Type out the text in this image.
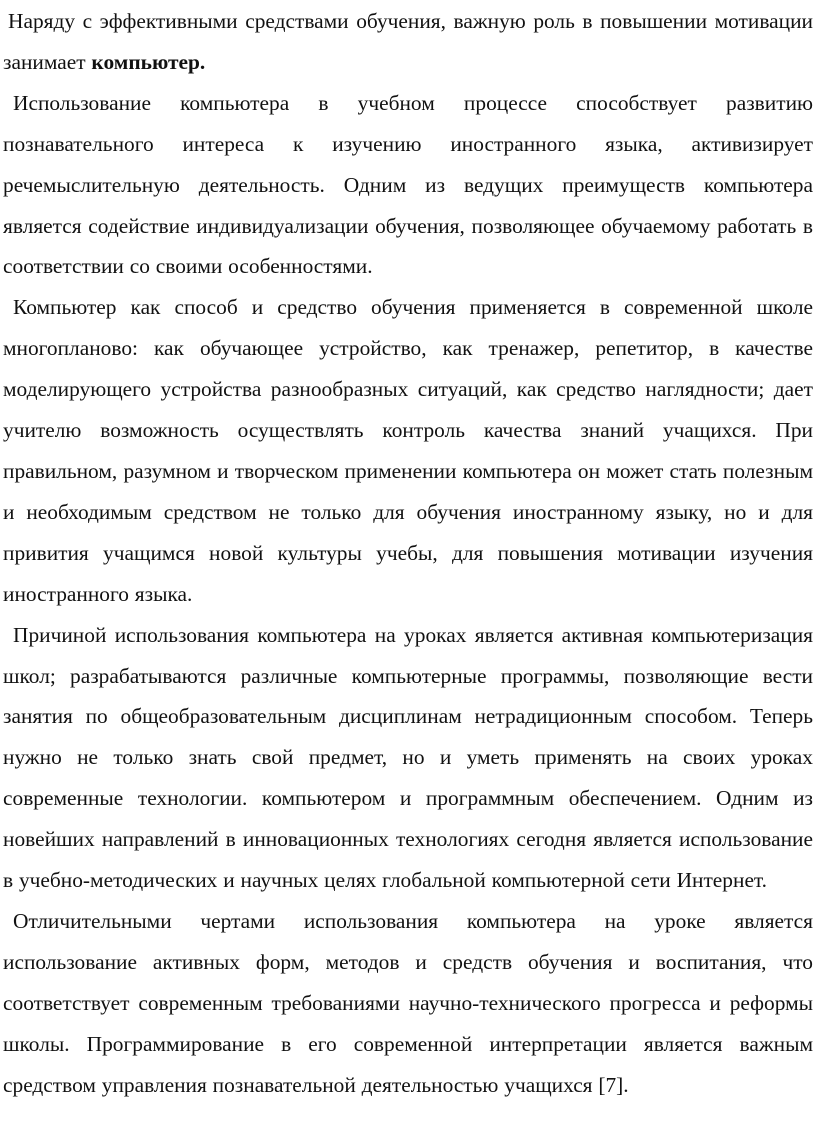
Наряду с эффективными средствами обучения, важную роль в повышении мотивации занимает компьютер.

Использование компьютера в учебном процессе способствует развитию познавательного интереса к изучению иностранного языка, активизирует речемыслительную деятельность. Одним из ведущих преимуществ компьютера является содействие индивидуализации обучения, позволяющее обучаемому работать в соответствии со своими особенностями.

Компьютер как способ и средство обучения применяется в современной школе многопланово: как обучающее устройство, как тренажер, репетитор, в качестве моделирующего устройства разнообразных ситуаций, как средство наглядности; дает учителю возможность осуществлять контроль качества знаний учащихся. При правильном, разумном и творческом применении компьютера он может стать полезным и необходимым средством не только для обучения иностранному языку, но и для привития учащимся новой культуры учебы, для повышения мотивации изучения иностранного языка.

Причиной использования компьютера на уроках является активная компьютеризация школ; разрабатываются различные компьютерные программы, позволяющие вести занятия по общеобразовательным дисциплинам нетрадиционным способом. Теперь нужно не только знать свой предмет, но и уметь применять на своих уроках современные технологии. компьютером и программным обеспечением. Одним из новейших направлений в инновационных технологиях сегодня является использование в учебно-методических и научных целях глобальной компьютерной сети Интернет.

Отличительными чертами использования компьютера на уроке является использование активных форм, методов и средств обучения и воспитания, что соответствует современным требованиями научно-технического прогресса и реформы школы. Программирование в его современной интерпретации является важным средством управления познавательной деятельностью учащихся [7].
